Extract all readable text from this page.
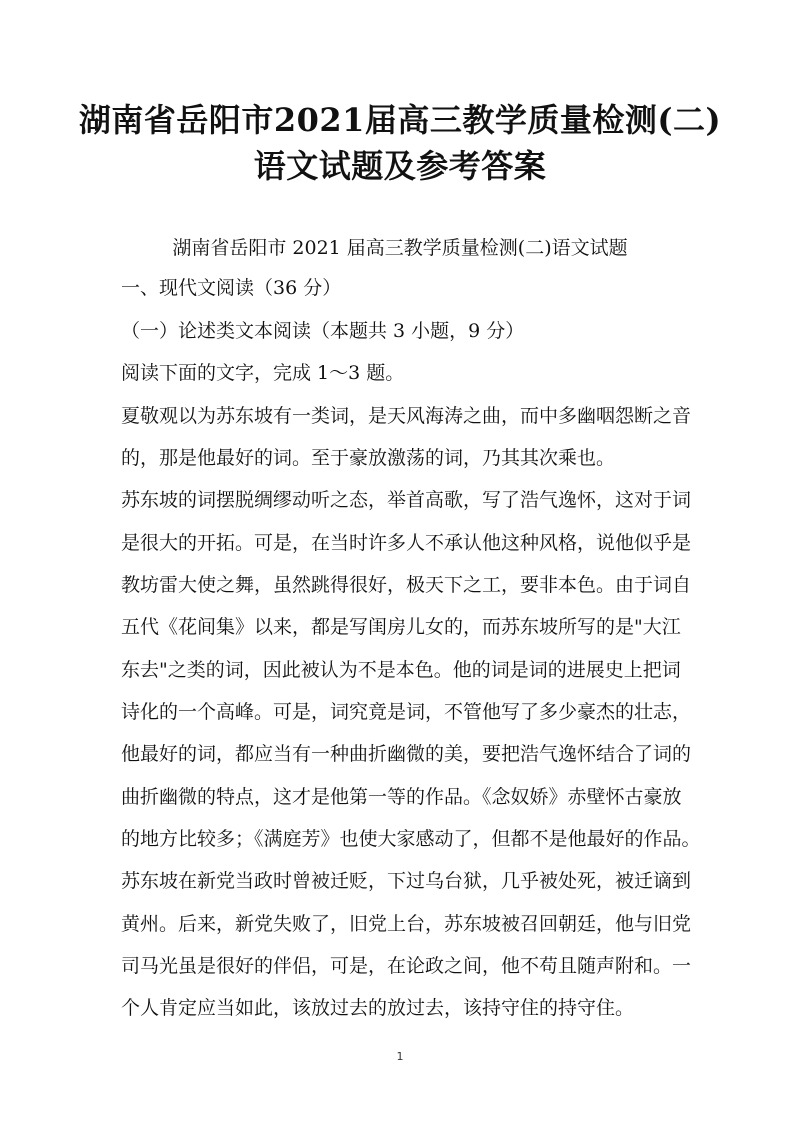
湖南省岳阳市2021届高三教学质量检测(二)
语文试题及参考答案
湖南省岳阳市 2021 届高三教学质量检测(二)语文试题
一、现代文阅读（36 分）
（一）论述类文本阅读（本题共 3 小题，9 分）
阅读下面的文字，完成 1～3 题。
夏敬观以为苏东坡有一类词，是天风海涛之曲，而中多幽咽怨断之音
的，那是他最好的词。至于豪放激荡的词，乃其其次乘也。
苏东坡的词摆脱绸缪动听之态，举首高歌，写了浩气逸怀，这对于词
是很大的开拓。可是，在当时许多人不承认他这种风格，说他似乎是
教坊雷大使之舞，虽然跳得很好，极天下之工，要非本色。由于词自
五代《花间集》以来，都是写闺房儿女的，而苏东坡所写的是"大江
东去"之类的词，因此被认为不是本色。他的词是词的进展史上把词
诗化的一个高峰。可是，词究竟是词，不管他写了多少豪杰的壮志，
他最好的词，都应当有一种曲折幽微的美，要把浩气逸怀结合了词的
曲折幽微的特点，这才是他第一等的作品。《念奴娇》赤壁怀古豪放
的地方比较多；《满庭芳》也使大家感动了，但都不是他最好的作品。
苏东坡在新党当政时曾被迁贬，下过乌台狱，几乎被处死，被迁谪到
黄州。后来，新党失败了，旧党上台，苏东坡被召回朝廷，他与旧党
司马光虽是很好的伴侣，可是，在论政之间，他不苟且随声附和。一
个人肯定应当如此，该放过去的放过去，该持守住的持守住。
1
